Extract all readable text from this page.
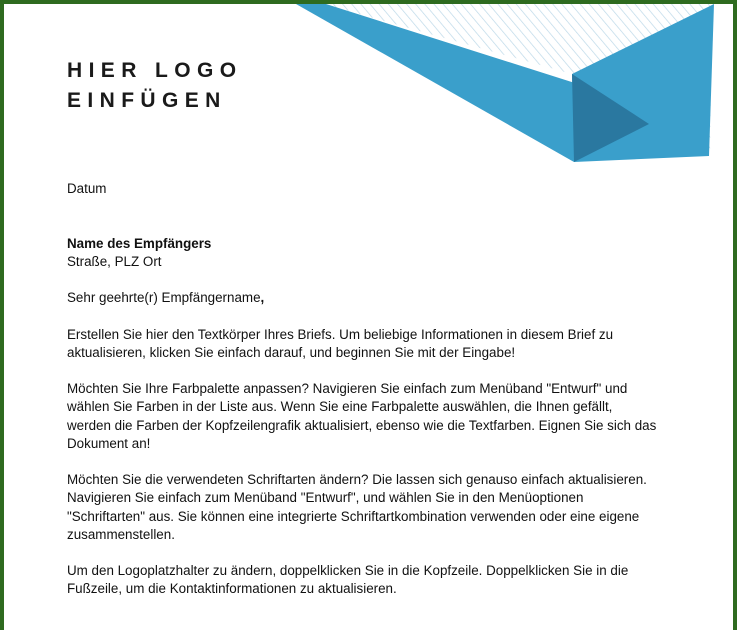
HIER LOGO
EINFÜGEN

Datum

Name des Empfängers

Straße, PLZ Ort

Sehr geehrte(r) Empfängername,

Erstellen Sie hier den Textkörper Ihres Briefs. Um beliebige Informationen in diesem Brief zu aktualisieren, klicken Sie einfach darauf, und beginnen Sie mit der Eingabe!

Möchten Sie Ihre Farbpalette anpassen? Navigieren Sie einfach zum Menüband "Entwurf" und wählen Sie Farben in der Liste aus. Wenn Sie eine Farbpalette auswählen, die Ihnen gefällt, werden die Farben der Kopfzeilengrafik aktualisiert, ebenso wie die Textfarben. Eignen Sie sich das Dokument an!

Möchten Sie die verwendeten Schriftarten ändern? Die lassen sich genauso einfach aktualisieren. Navigieren Sie einfach zum Menüband "Entwurf", und wählen Sie in den Menüoptionen "Schriftarten" aus. Sie können eine integrierte Schriftartkombination verwenden oder eine eigene zusammenstellen.

Um den Logoplatzhalter zu ändern, doppelklicken Sie in die Kopfzeile. Doppelklicken Sie in die Fußzeile, um die Kontaktinformationen zu aktualisieren.
